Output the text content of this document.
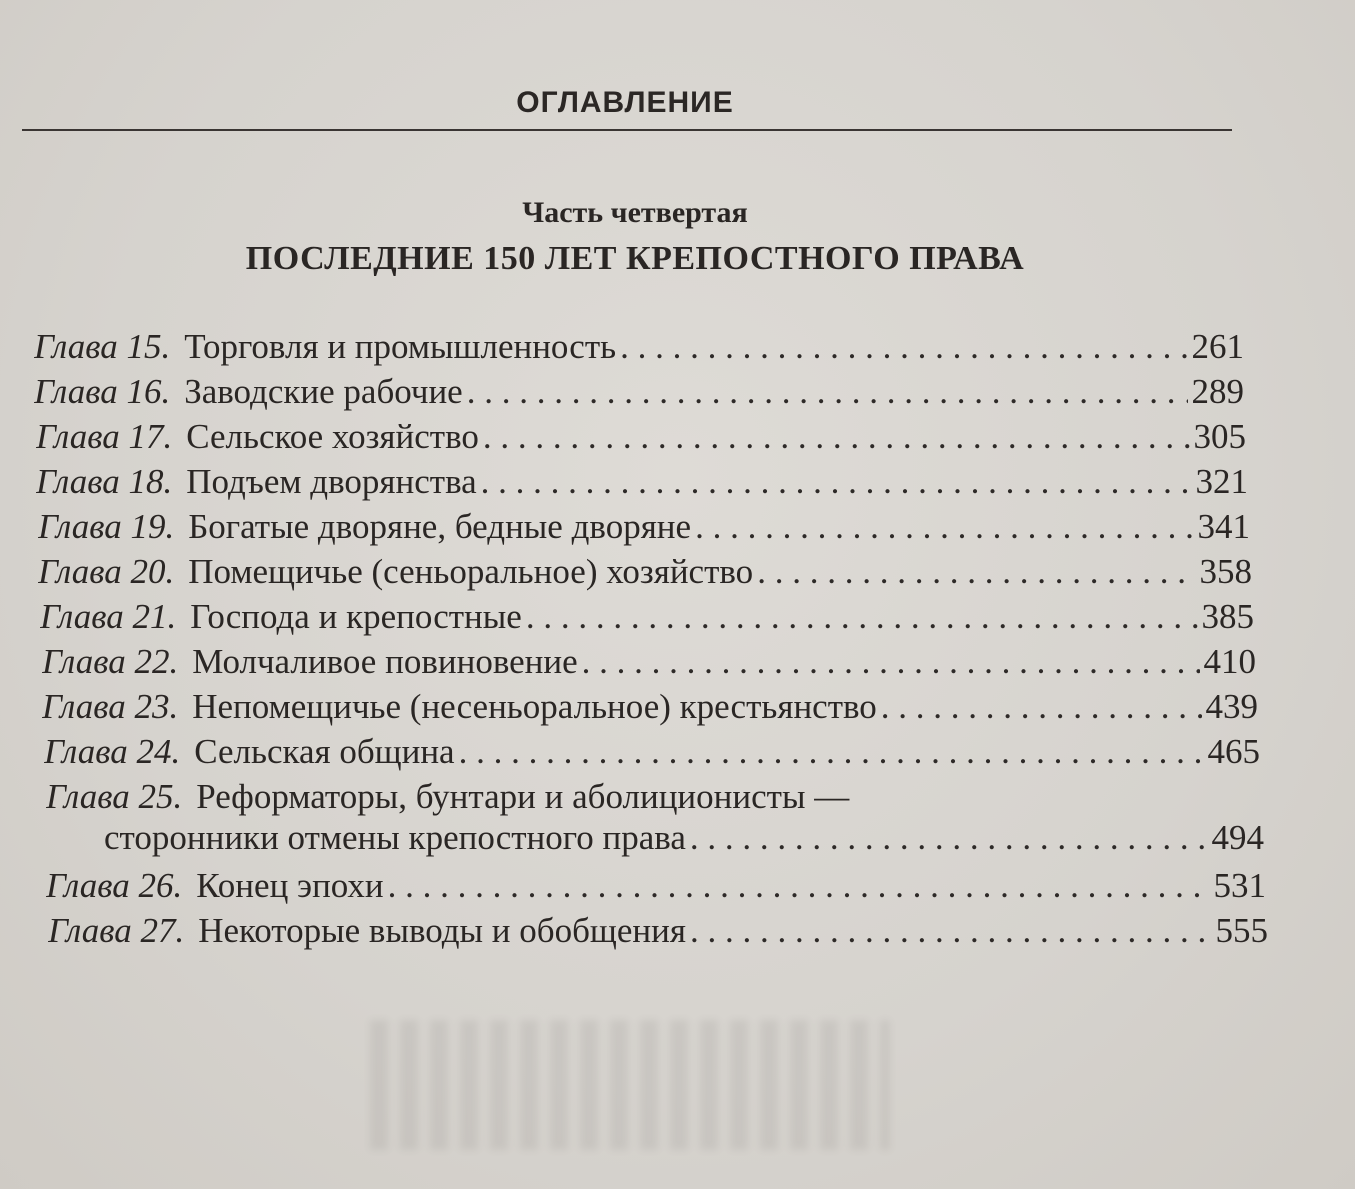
ОГЛАВЛЕНИЕ
Часть четвертая
ПОСЛЕДНИЕ 150 ЛЕТ КРЕПОСТНОГО ПРАВА
Глава 15. Торговля и промышленность . . .	261
Глава 16. Заводские рабочие . . .	289
Глава 17. Сельское хозяйство . . .	305
Глава 18. Подъем дворянства . . .	321
Глава 19. Богатые дворяне, бедные дворяне . . .	341
Глава 20. Помещичье (сеньоральное) хозяйство . . .	358
Глава 21. Господа и крепостные . . .	385
Глава 22. Молчаливое повиновение . . .	410
Глава 23. Непомещичье (несеньоральное) крестьянство . . .	439
Глава 24. Сельская община . . .	465
Глава 25. Реформаторы, бунтари и аболиционисты —
сторонники отмены крепостного права . . .	494
Глава 26. Конец эпохи . . .	531
Глава 27. Некоторые выводы и обобщения . . .	555
